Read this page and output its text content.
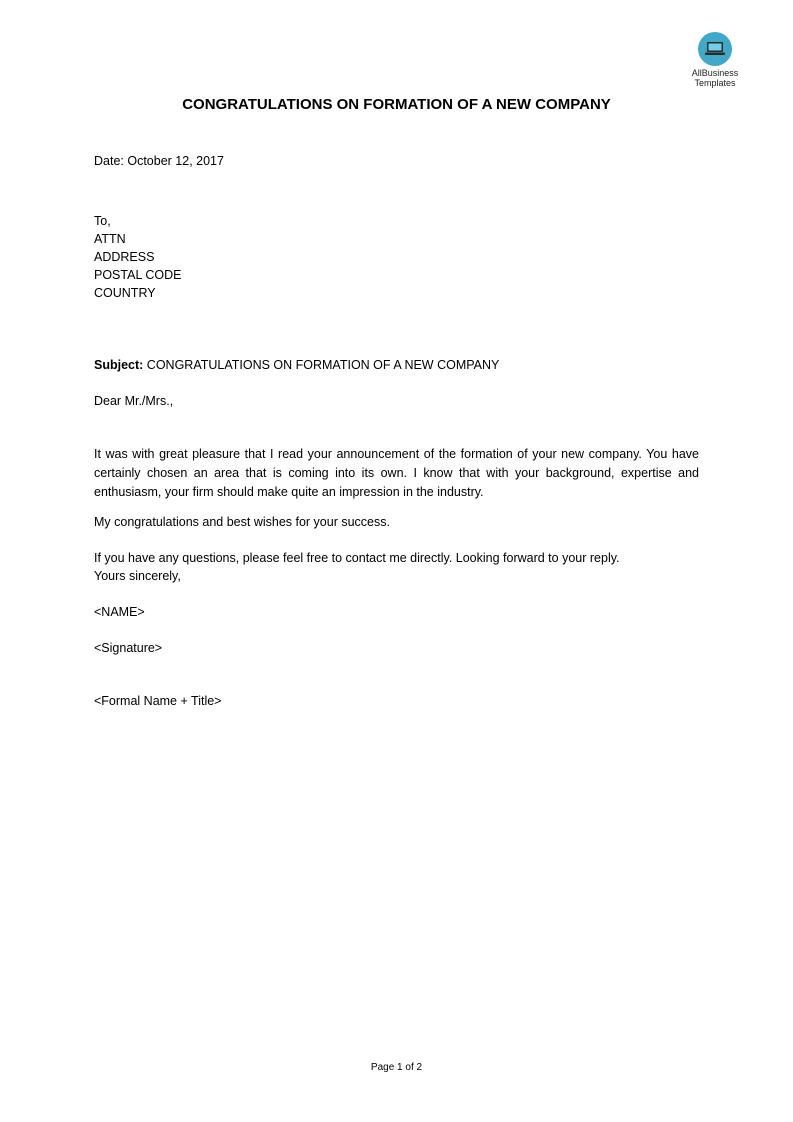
AllBusiness
Templates
CONGRATULATIONS ON FORMATION OF A NEW COMPANY
Date: October 12, 2017
To,
ATTN
ADDRESS
POSTAL CODE
COUNTRY
Subject: CONGRATULATIONS ON FORMATION OF A NEW COMPANY
Dear Mr./Mrs.,
It was with great pleasure that I read your announcement of the formation of your new company. You have certainly chosen an area that is coming into its own. I know that with your background, expertise and enthusiasm, your firm should make quite an impression in the industry.
My congratulations and best wishes for your success.
If you have any questions, please feel free to contact me directly. Looking forward to your reply.
Yours sincerely,
<NAME>
<Signature>
<Formal Name + Title>
Page 1 of 2
